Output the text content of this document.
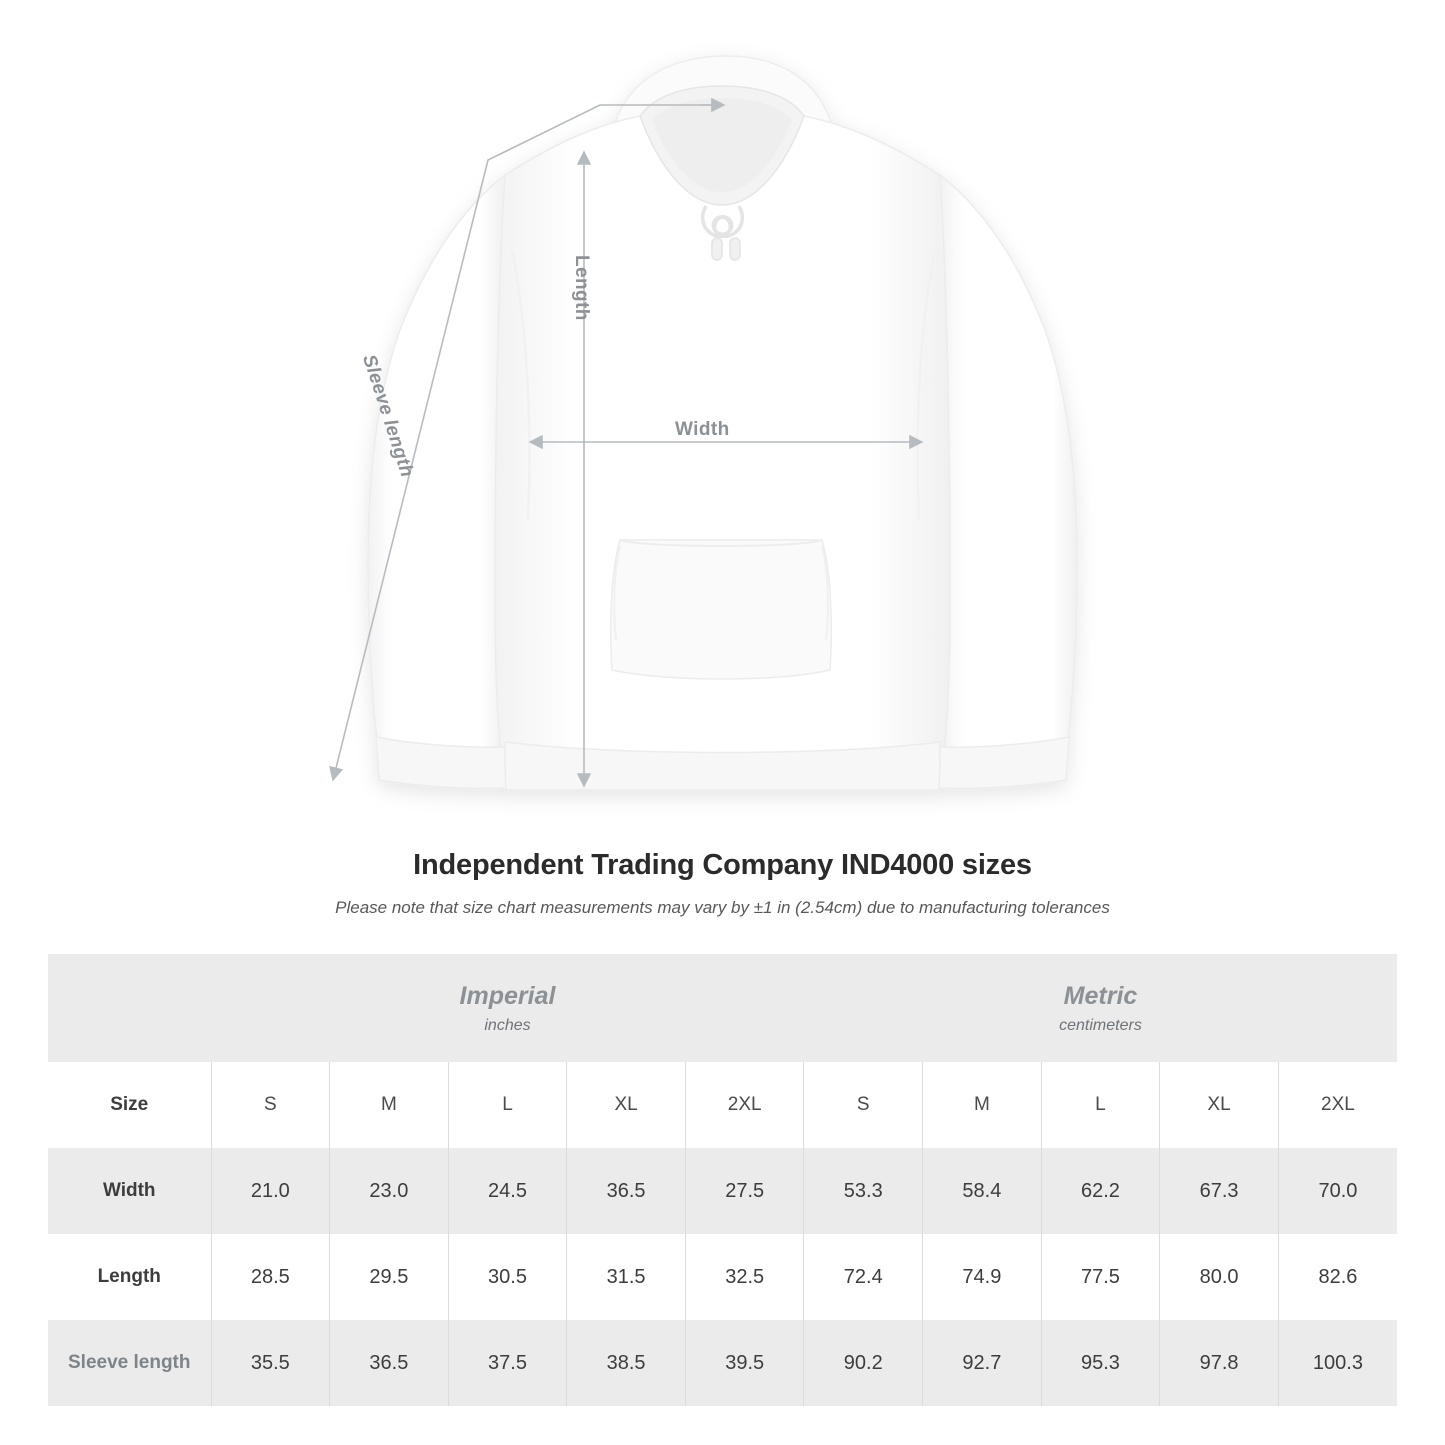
Width
Length
Sleeve length
Independent Trading Company IND4000 sizes
Please note that size chart measurements may vary by ±1 in (2.54cm) due to manufacturing tolerances

Imperial
inches

Metric
centimeters

Size	S	M	L	XL	2XL	S	M	L	XL	2XL
Width	21.0	23.0	24.5	36.5	27.5	53.3	58.4	62.2	67.3	70.0
Length	28.5	29.5	30.5	31.5	32.5	72.4	74.9	77.5	80.0	82.6
Sleeve length	35.5	36.5	37.5	38.5	39.5	90.2	92.7	95.3	97.8	100.3
